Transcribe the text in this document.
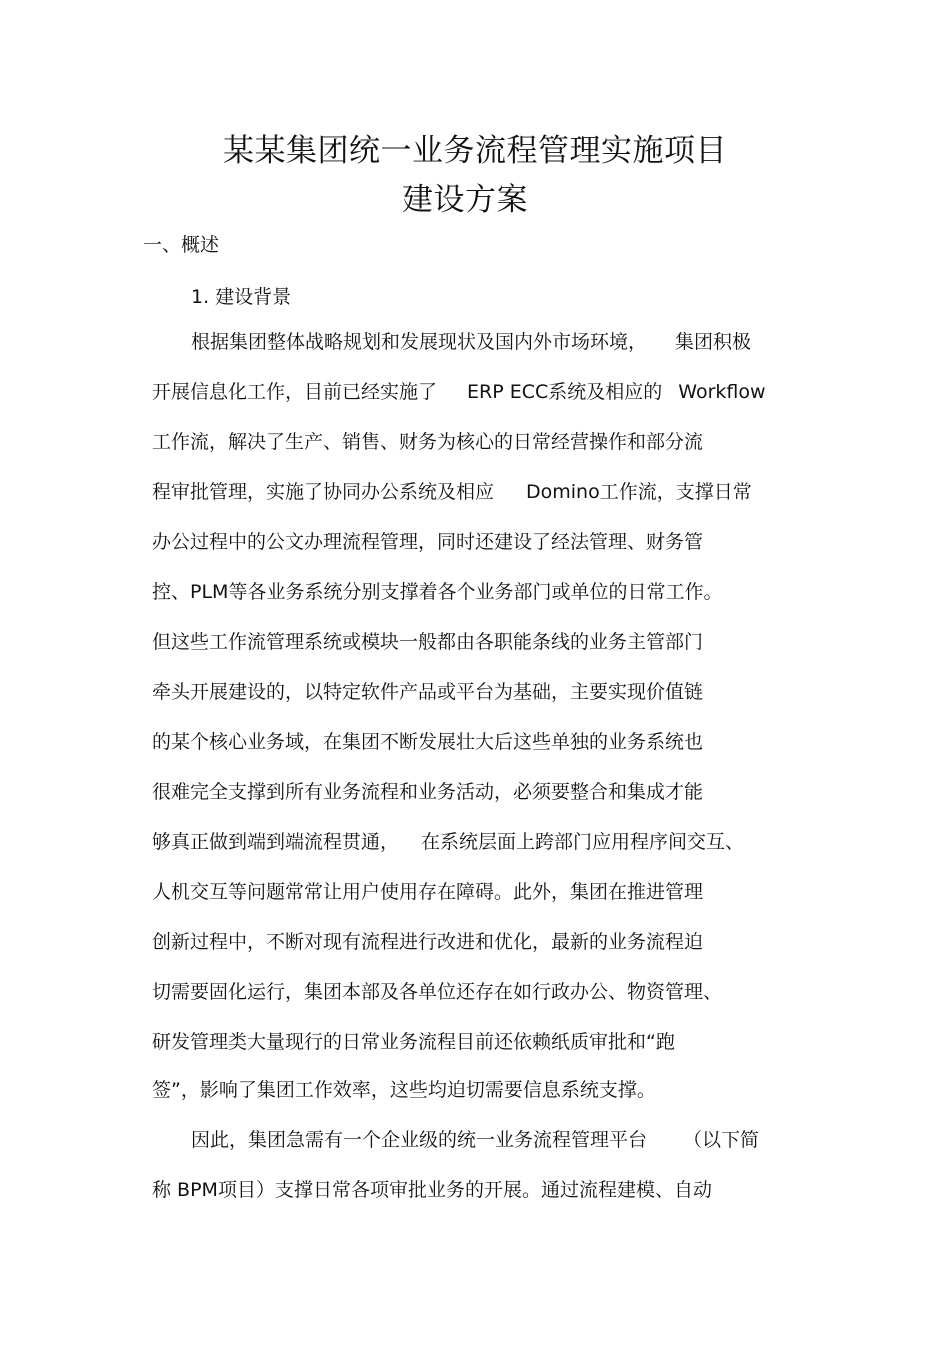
某某集团统一业务流程管理实施项目
建设方案
一、概述
1. 建设背景
根据集团整体战略规划和发展现状及国内外市场环境， 集团积极
开展信息化工作，目前已经实施了 ERP ECC系统及相应的 Workflow
工作流，解决了生产、销售、财务为核心的日常经营操作和部分流
程审批管理，实施了协同办公系统及相应 Domino工作流，支撑日常
办公过程中的公文办理流程管理，同时还建设了经法管理、财务管
控、PLM等各业务系统分别支撑着各个业务部门或单位的日常工作。
但这些工作流管理系统或模块一般都由各职能条线的业务主管部门
牵头开展建设的，以特定软件产品或平台为基础，主要实现价值链
的某个核心业务域，在集团不断发展壮大后这些单独的业务系统也
很难完全支撑到所有业务流程和业务活动，必须要整合和集成才能
够真正做到端到端流程贯通， 在系统层面上跨部门应用程序间交互、
人机交互等问题常常让用户使用存在障碍。此外，集团在推进管理
创新过程中，不断对现有流程进行改进和优化，最新的业务流程迫
切需要固化运行，集团本部及各单位还存在如行政办公、物资管理、
研发管理类大量现行的日常业务流程目前还依赖纸质审批和“跑
签”，影响了集团工作效率，这些均迫切需要信息系统支撑。
因此，集团急需有一个企业级的统一业务流程管理平台 （以下简
称 BPM项目）支撑日常各项审批业务的开展。通过流程建模、自动
